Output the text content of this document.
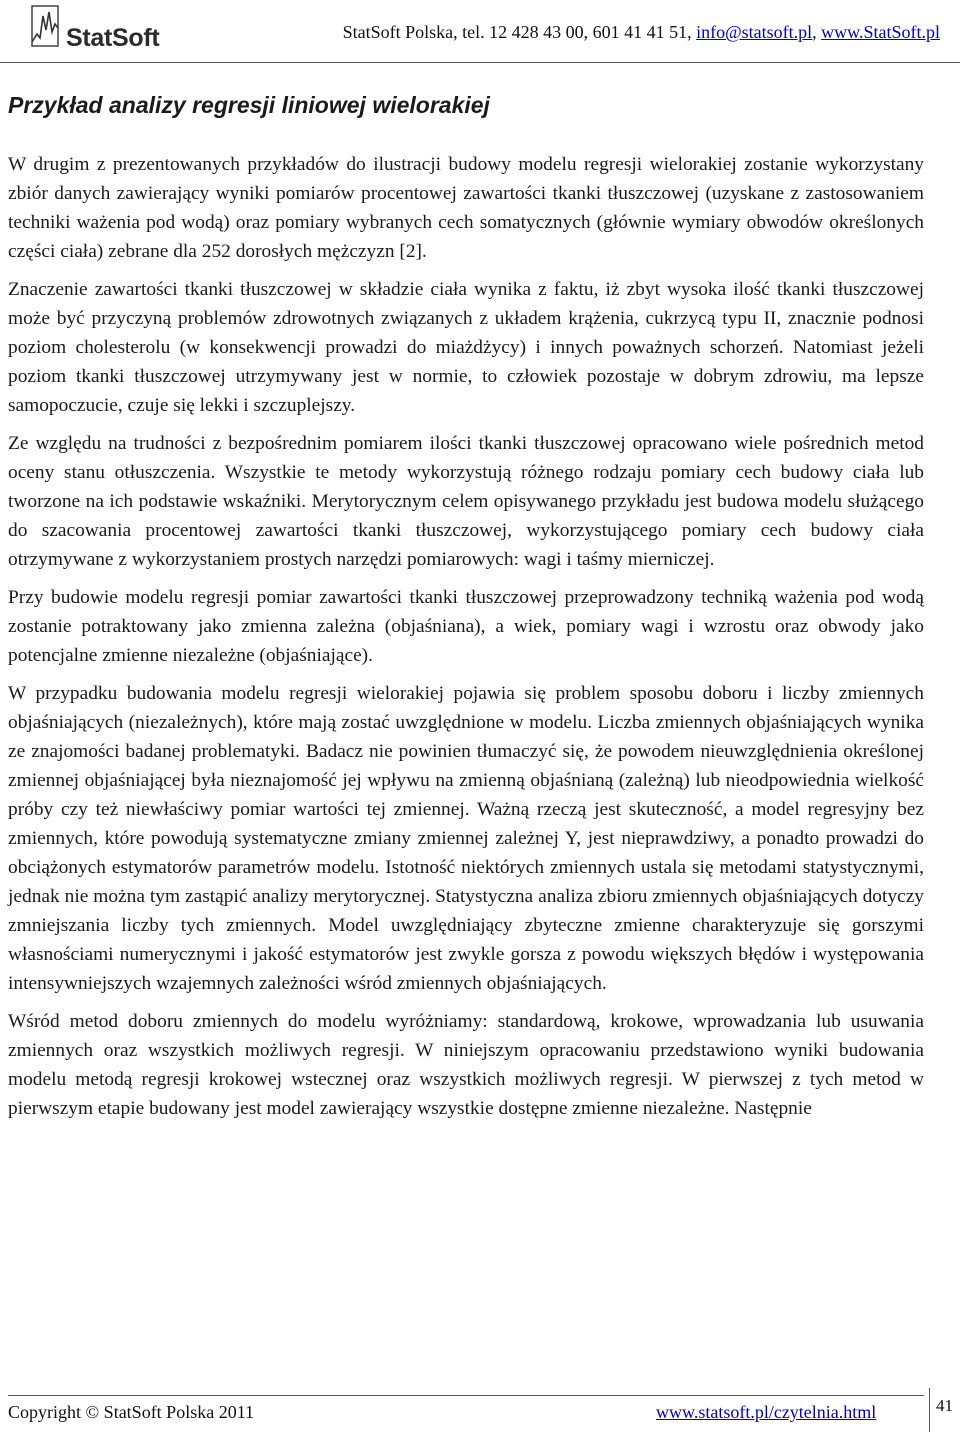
StatSoft	StatSoft Polska, tel. 12 428 43 00, 601 41 41 51, info@statsoft.pl, www.StatSoft.pl
Przykład analizy regresji liniowej wielorakiej

W drugim z prezentowanych przykładów do ilustracji budowy modelu regresji wielorakiej zostanie wykorzystany zbiór danych zawierający wyniki pomiarów procentowej zawartości tkanki tłuszczowej (uzyskane z zastosowaniem techniki ważenia pod wodą) oraz pomiary wybranych cech somatycznych (głównie wymiary obwodów określonych części ciała) zebrane dla 252 dorosłych mężczyzn [2].

Znaczenie zawartości tkanki tłuszczowej w składzie ciała wynika z faktu, iż zbyt wysoka ilość tkanki tłuszczowej może być przyczyną problemów zdrowotnych związanych z układem krążenia, cukrzycą typu II, znacznie podnosi poziom cholesterolu (w konsekwencji prowadzi do miażdżycy) i innych poważnych schorzeń. Natomiast jeżeli poziom tkanki tłuszczowej utrzymywany jest w normie, to człowiek pozostaje w dobrym zdrowiu, ma lepsze samopoczucie, czuje się lekki i szczuplejszy.

Ze względu na trudności z bezpośrednim pomiarem ilości tkanki tłuszczowej opracowano wiele pośrednich metod oceny stanu otłuszczenia. Wszystkie te metody wykorzystują różnego rodzaju pomiary cech budowy ciała lub tworzone na ich podstawie wskaźniki. Merytorycznym celem opisywanego przykładu jest budowa modelu służącego do szacowania procentowej zawartości tkanki tłuszczowej, wykorzystującego pomiary cech budowy ciała otrzymywane z wykorzystaniem prostych narzędzi pomiarowych: wagi i taśmy mierniczej.

Przy budowie modelu regresji pomiar zawartości tkanki tłuszczowej przeprowadzony techniką ważenia pod wodą zostanie potraktowany jako zmienna zależna (objaśniana), a wiek, pomiary wagi i wzrostu oraz obwody jako potencjalne zmienne niezależne (objaśniające).

W przypadku budowania modelu regresji wielorakiej pojawia się problem sposobu doboru i liczby zmiennych objaśniających (niezależnych), które mają zostać uwzględnione w modelu. Liczba zmiennych objaśniających wynika ze znajomości badanej problematyki. Badacz nie powinien tłumaczyć się, że powodem nieuwzględnienia określonej zmiennej objaśniającej była nieznajomość jej wpływu na zmienną objaśnianą (zależną) lub nieodpowiednia wielkość próby czy też niewłaściwy pomiar wartości tej zmiennej. Ważną rzeczą jest skuteczność, a model regresyjny bez zmiennych, które powodują systematyczne zmiany zmiennej zależnej Y, jest nieprawdziwy, a ponadto prowadzi do obciążonych estymatorów parametrów modelu. Istotność niektórych zmiennych ustala się metodami statystycznymi, jednak nie można tym zastąpić analizy merytorycznej. Statystyczna analiza zbioru zmiennych objaśniających dotyczy zmniejszania liczby tych zmiennych. Model uwzględniający zbyteczne zmienne charakteryzuje się gorszymi własnościami numerycznymi i jakość estymatorów jest zwykle gorsza z powodu większych błędów i występowania intensywniejszych wzajemnych zależności wśród zmiennych objaśniających.

Wśród metod doboru zmiennych do modelu wyróżniamy: standardową, krokowe, wprowadzania lub usuwania zmiennych oraz wszystkich możliwych regresji. W niniejszym opracowaniu przedstawiono wyniki budowania modelu metodą regresji krokowej wstecznej oraz wszystkich możliwych regresji. W pierwszej z tych metod w pierwszym etapie budowany jest model zawierający wszystkie dostępne zmienne niezależne. Następnie

Copyright © StatSoft Polska 2011	www.statsoft.pl/czytelnia.html	41
